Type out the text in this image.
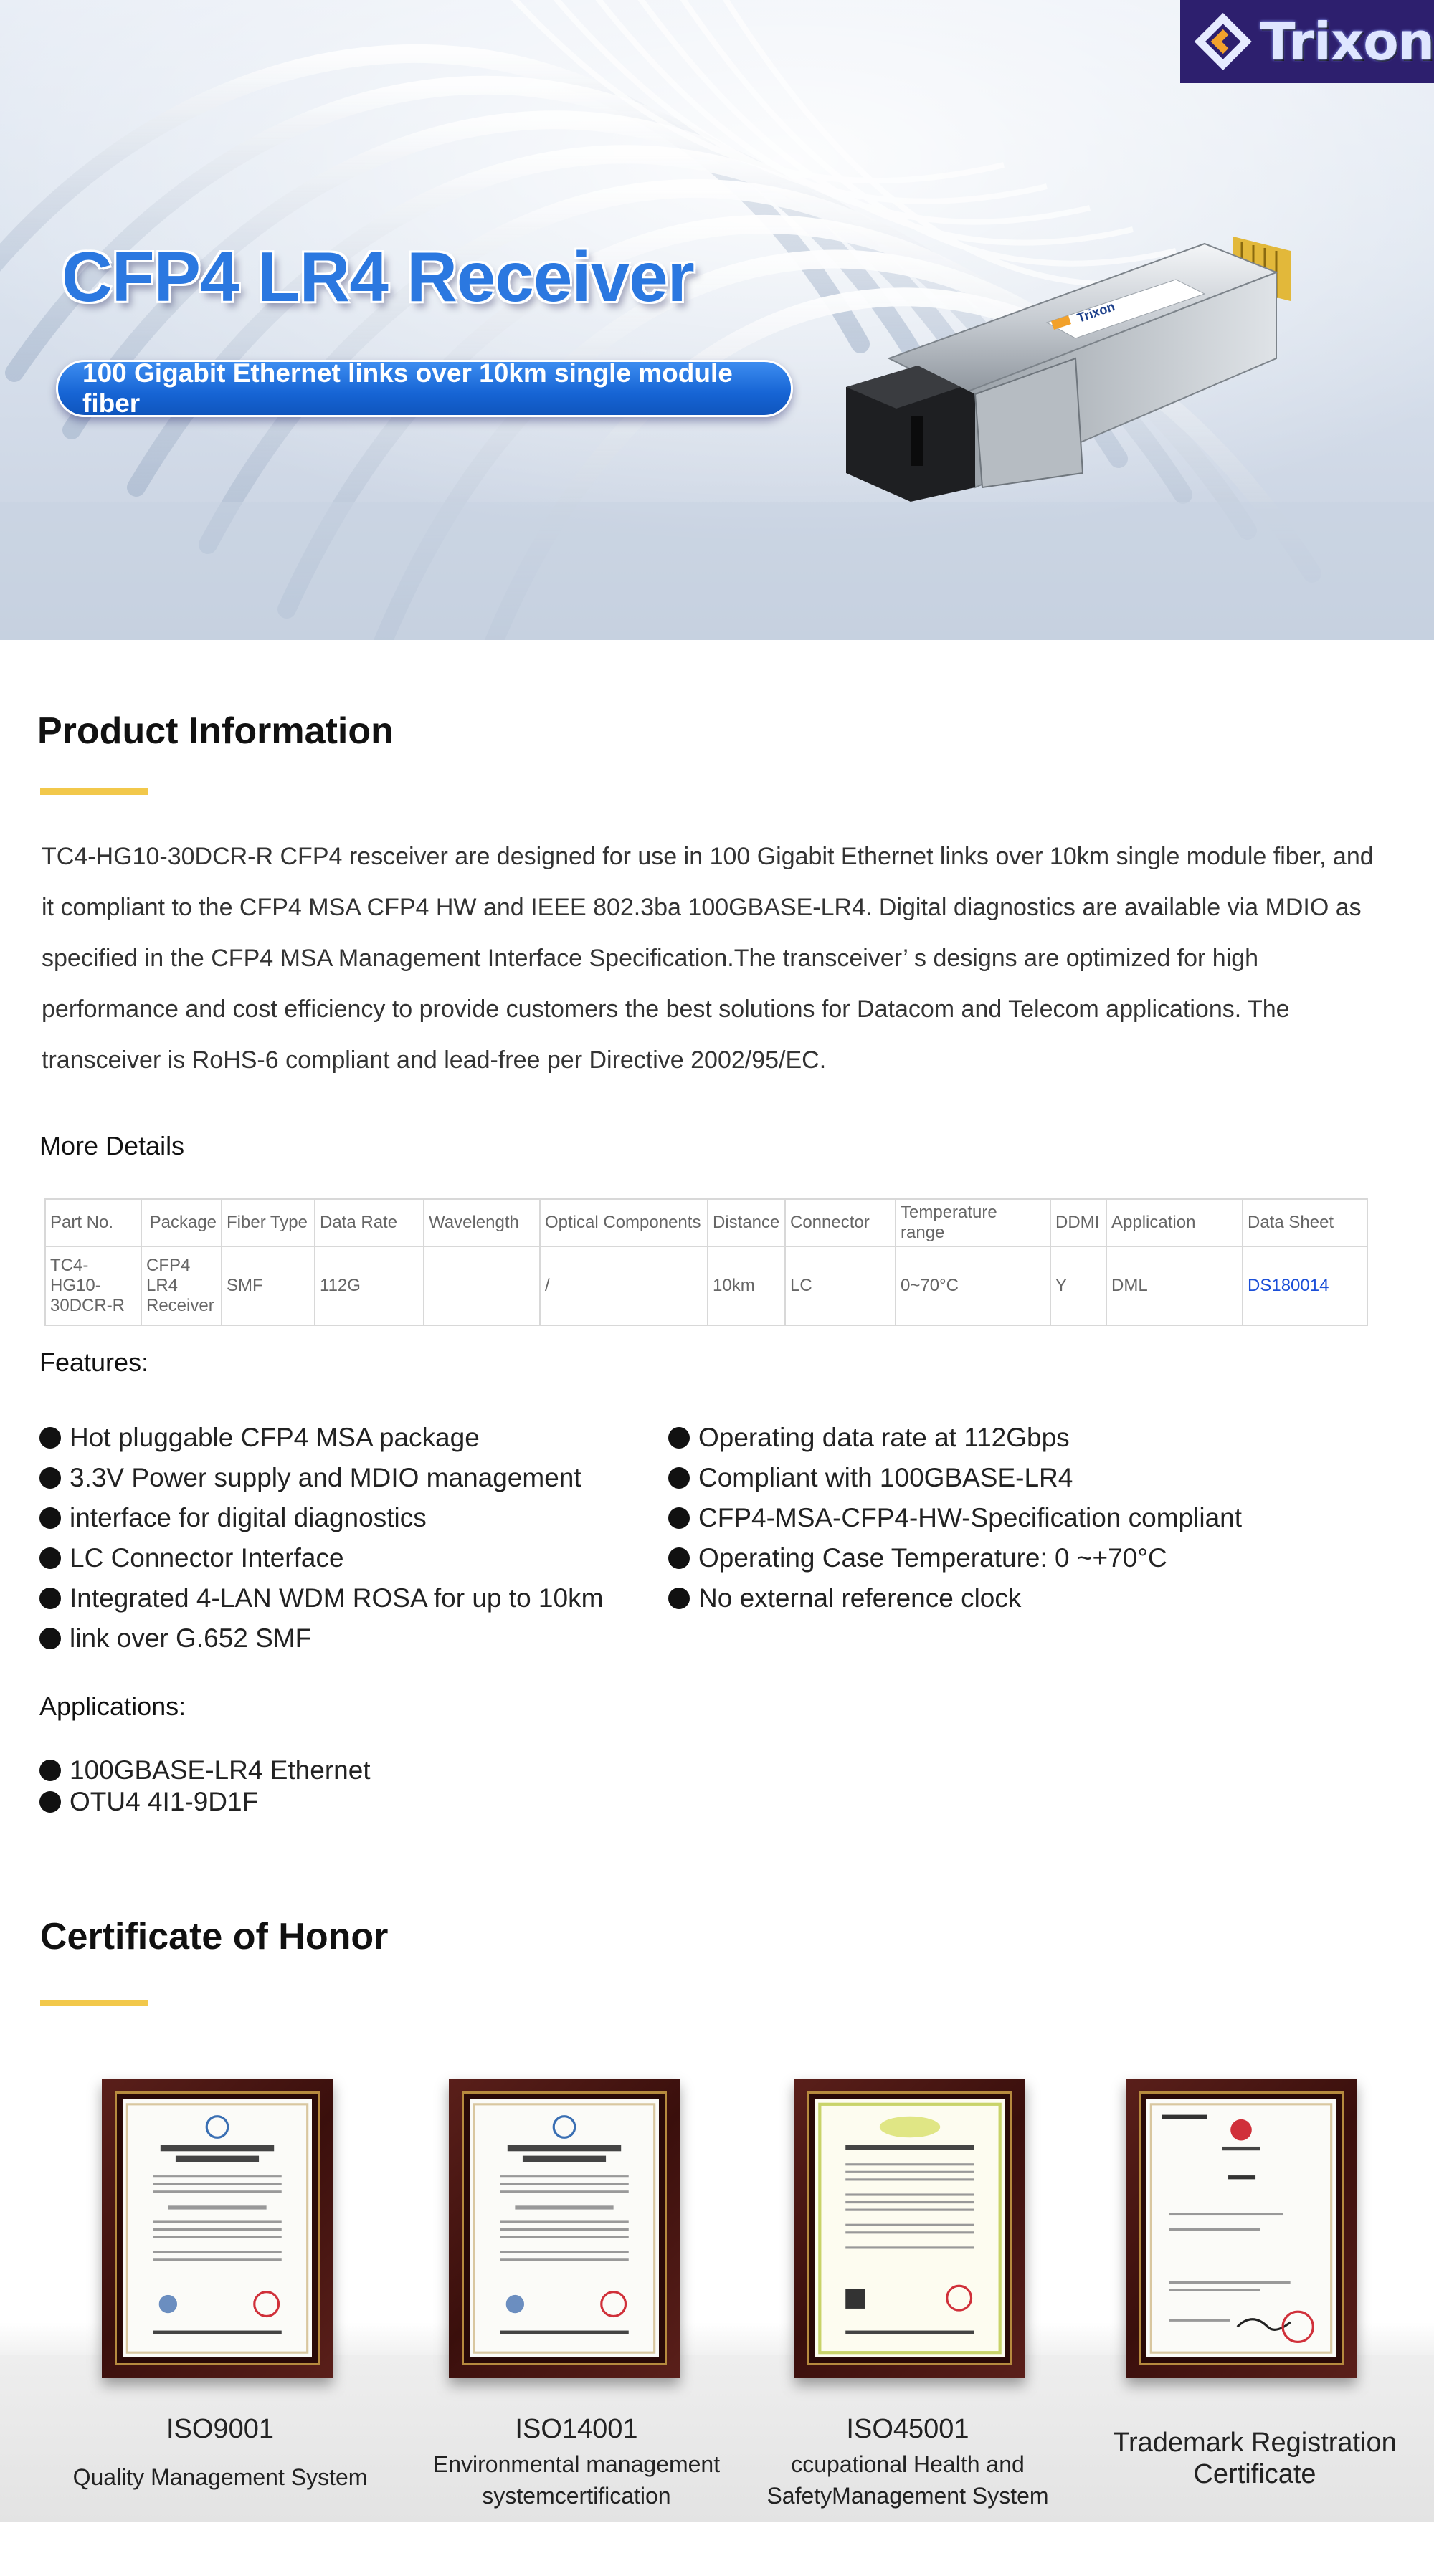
Trixon
CFP4 LR4 Receiver
100 Gigabit Ethernet links over 10km single module fiber
Trixon
Product Information

TC4-HG10-30DCR-R CFP4 resceiver are designed for use in 100 Gigabit Ethernet links over 10km single module fiber, and it compliant to the CFP4 MSA CFP4 HW and IEEE 802.3ba 100GBASE-LR4. Digital diagnostics are available via MDIO as specified in the CFP4 MSA Management Interface Specification.The transceiver’ s designs are optimized for high performance and cost efficiency to provide customers the best solutions for Datacom and Telecom applications. The transceiver is RoHS-6 compliant and lead-free per Directive 2002/95/EC.

More Details
Part No.	Package	Fiber Type	Data Rate	Wavelength	Optical Components	Distance	Connector	Temperature range	DDMI	Application	Data Sheet
TC4-HG10-30DCR-R	CFP4 LR4 Receiver	SMF	112G		/	10km	LC	0~70°C	Y	DML	DS180014
Features:
Hot pluggable CFP4 MSA package
3.3V Power supply and MDIO management
interface for digital diagnostics
LC Connector Interface
Integrated 4-LAN WDM ROSA for up to 10km
link over G.652 SMF
Operating data rate at 112Gbps
Compliant with 100GBASE-LR4
CFP4-MSA-CFP4-HW-Specification compliant
Operating Case Temperature: 0 ~+70°C
No external reference clock
Applications:
100GBASE-LR4 Ethernet
OTU4 4I1-9D1F
Certificate of Honor
ISO9001
Quality Management System
ISO14001
Environmental management systemcertification
ISO45001
ccupational Health and SafetyManagement System
Trademark Registration Certificate
